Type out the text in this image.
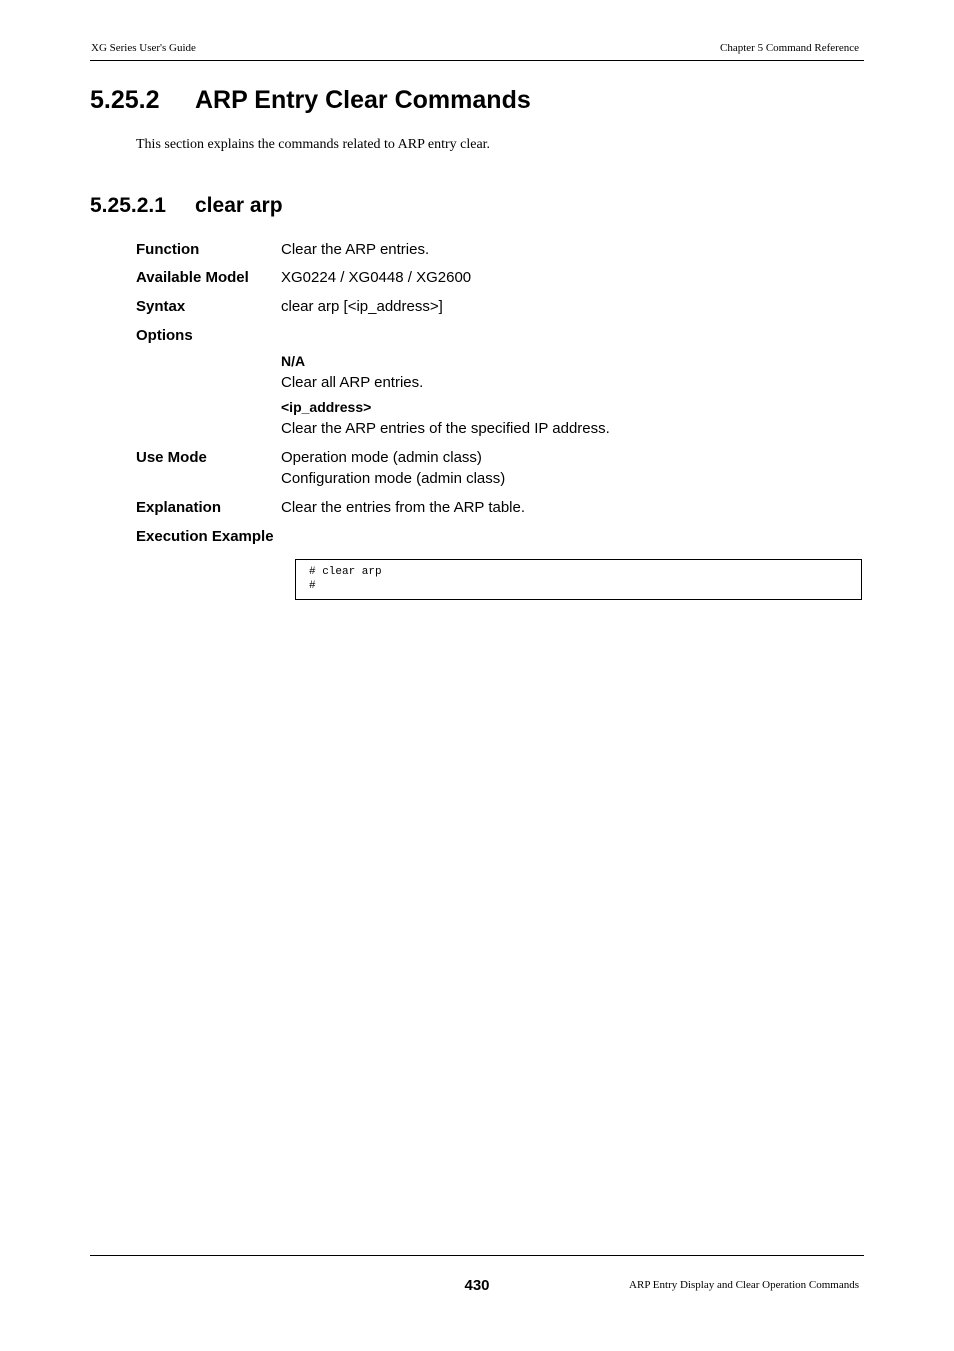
XG Series User's Guide	Chapter 5 Command Reference
5.25.2 ARP Entry Clear Commands
This section explains the commands related to ARP entry clear.
5.25.2.1 clear arp
Function	Clear the ARP entries.
Available Model XG0224 / XG0448 / XG2600
Syntax	clear arp [<ip_address>]
Options
N/A
Clear all ARP entries.
<ip_address>
Clear the ARP entries of the specified IP address.
Use Mode	Operation mode (admin class)
Configuration mode (admin class)
Explanation	Clear the entries from the ARP table.
Execution Example
# clear arp
#
430	ARP Entry Display and Clear Operation Commands
